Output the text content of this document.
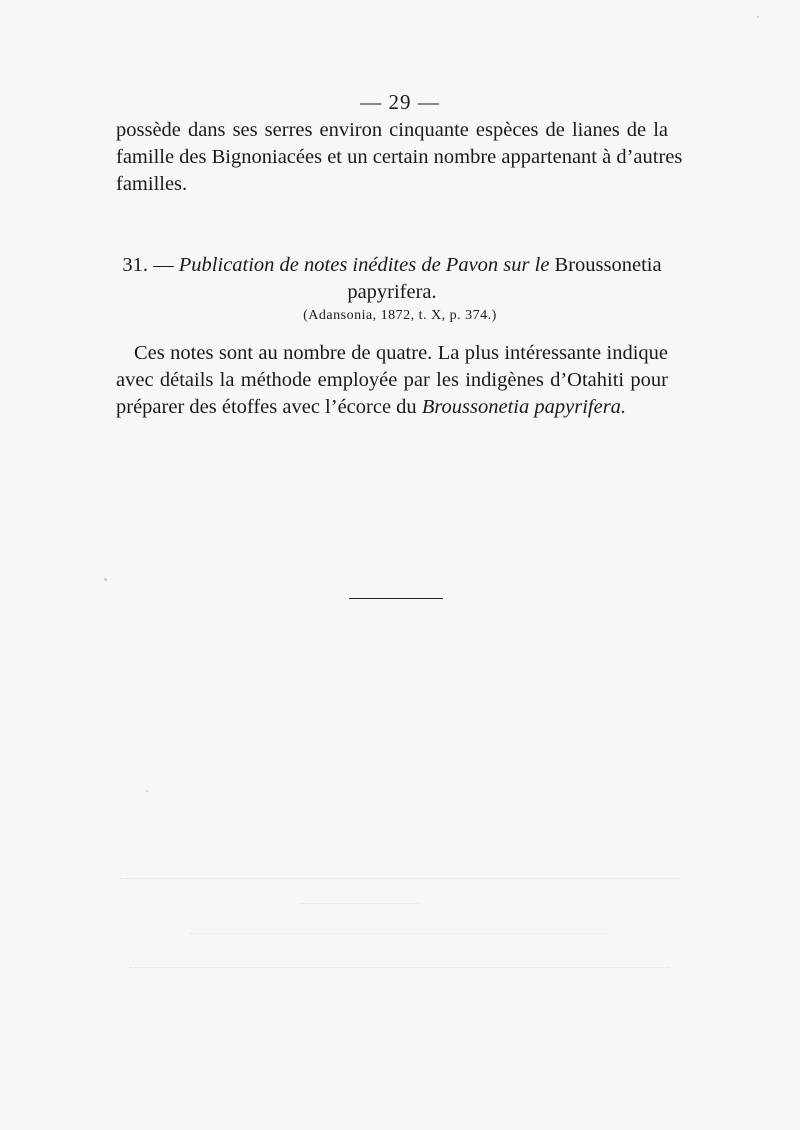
— 29 —
possède dans ses serres environ cinquante espèces de lianes de la
famille des Bignoniacées et un certain nombre appartenant à d’autres
familles.
31. — Publication de notes inédites de Pavon sur le Broussonetia
papyrifera.
(Adansonia, 1872, t. X, p. 374.)
Ces notes sont au nombre de quatre. La plus intéressante indique
avec détails la méthode employée par les indigènes d’Otahiti pour
préparer des étoffes avec l’écorce du Broussonetia papyrifera.
